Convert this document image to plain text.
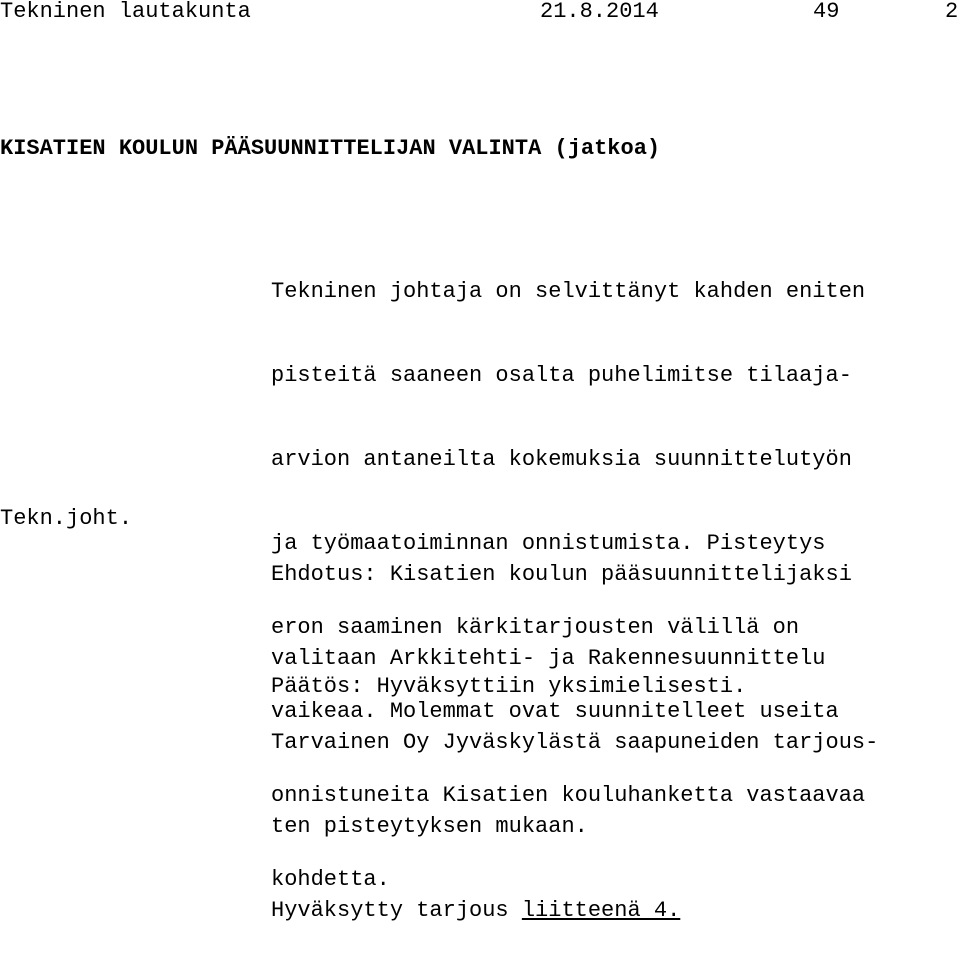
Tekninen lautakunta	21.8.2014	49	2
KISATIEN KOULUN PÄÄSUUNNITTELIJAN VALINTA (jatkoa)

Tekninen johtaja on selvittänyt kahden eniten

pisteitä saaneen osalta puhelimitse tilaaja-

arvion antaneilta kokemuksia suunnittelutyön

ja työmaatoiminnan onnistumista. Pisteytys

eron saaminen kärkitarjousten välillä on

vaikeaa. Molemmat ovat suunnitelleet useita

onnistuneita Kisatien kouluhanketta vastaavaa

kohdetta.

Tekn.joht.

Ehdotus: Kisatien koulun pääsuunnittelijaksi

valitaan Arkkitehti- ja Rakennesuunnittelu

Tarvainen Oy Jyväskylästä saapuneiden tarjous-

ten pisteytyksen mukaan.

Hyväksytty tarjous liitteenä 4.

Päätös: Hyväksyttiin yksimielisesti.
